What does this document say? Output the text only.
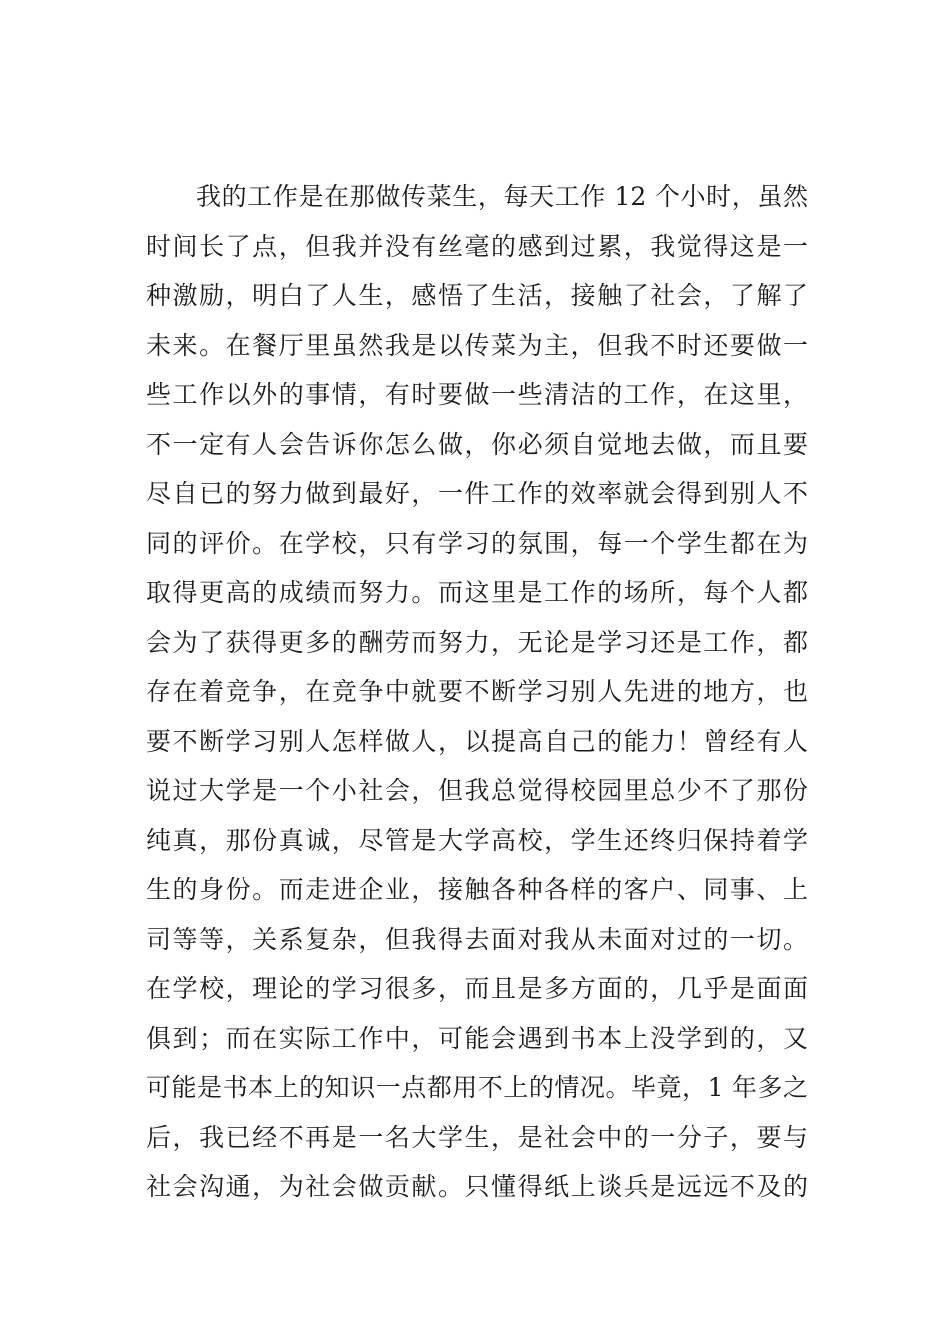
我的工作是在那做传菜生，每天工作 12 个小时，虽然
时间长了点，但我并没有丝毫的感到过累，我觉得这是一
种激励，明白了人生，感悟了生活，接触了社会，了解了
未来。在餐厅里虽然我是以传菜为主，但我不时还要做一
些工作以外的事情，有时要做一些清洁的工作，在这里，
不一定有人会告诉你怎么做，你必须自觉地去做，而且要
尽自已的努力做到最好，一件工作的效率就会得到别人不
同的评价。在学校，只有学习的氛围，每一个学生都在为
取得更高的成绩而努力。而这里是工作的场所，每个人都
会为了获得更多的酬劳而努力，无论是学习还是工作，都
存在着竞争，在竞争中就要不断学习别人先进的地方，也
要不断学习别人怎样做人，以提高自己的能力！曾经有人
说过大学是一个小社会，但我总觉得校园里总少不了那份
纯真，那份真诚，尽管是大学高校，学生还终归保持着学
生的身份。而走进企业，接触各种各样的客户、同事、上
司等等，关系复杂，但我得去面对我从未面对过的一切。
在学校，理论的学习很多，而且是多方面的，几乎是面面
俱到；而在实际工作中，可能会遇到书本上没学到的，又
可能是书本上的知识一点都用不上的情况。毕竟，1 年多之
后，我已经不再是一名大学生，是社会中的一分子，要与
社会沟通，为社会做贡献。只懂得纸上谈兵是远远不及的
